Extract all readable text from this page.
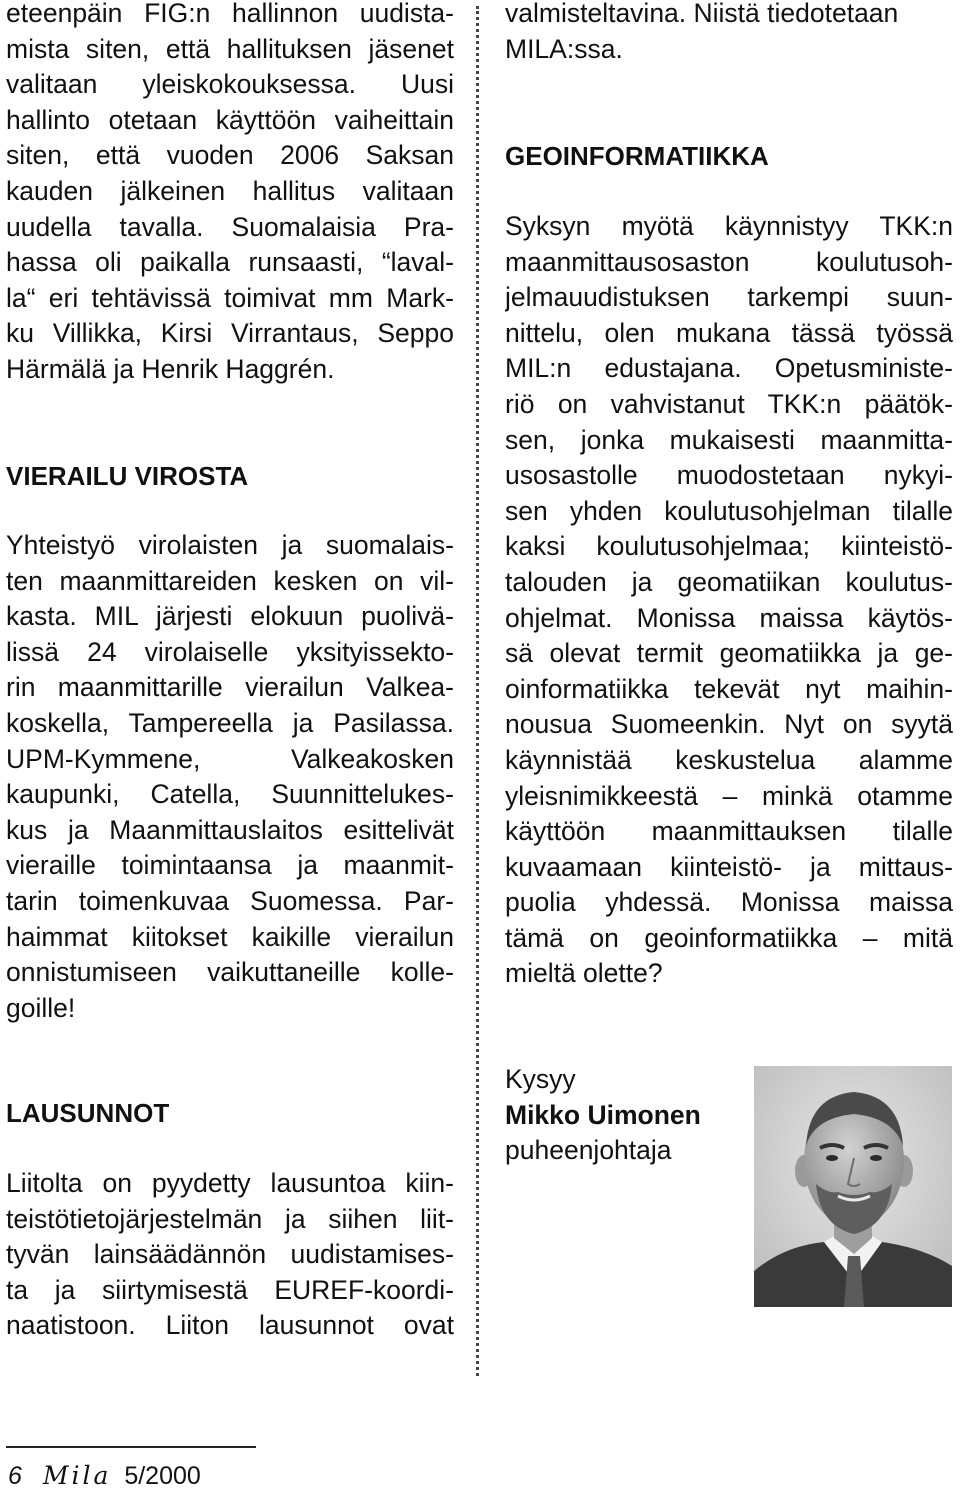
eteenpäin FIG:n hallinnon uudista-
mista siten, että hallituksen jäsenet
valitaan yleiskokouksessa. Uusi
hallinto otetaan käyttöön vaiheittain
siten, että vuoden 2006 Saksan
kauden jälkeinen hallitus valitaan
uudella tavalla. Suomalaisia Pra-
hassa oli paikalla runsaasti, “laval-
la“ eri tehtävissä toimivat mm Mark-
ku Villikka, Kirsi Virrantaus, Seppo
Härmälä ja Henrik Haggrén.
VIERAILU VIROSTA
Yhteistyö virolaisten ja suomalais-
ten maanmittareiden kesken on vil-
kasta. MIL järjesti elokuun puolivä-
lissä 24 virolaiselle yksityissekto-
rin maanmittarille vierailun Valkea-
koskella, Tampereella ja Pasilassa.
UPM-Kymmene, Valkeakosken
kaupunki, Catella, Suunnittelukes-
kus ja Maanmittauslaitos esittelivät
vieraille toimintaansa ja maanmit-
tarin toimenkuvaa Suomessa. Par-
haimmat kiitokset kaikille vierailun
onnistumiseen vaikuttaneille kolle-
goille!
LAUSUNNOT
Liitolta on pyydetty lausuntoa kiin-
teistötietojärjestelmän ja siihen liit-
tyvän lainsäädännön uudistamises-
ta ja siirtymisestä EUREF-koordi-
naatistoon. Liiton lausunnot ovat
valmisteltavina. Niistä tiedotetaan
MILA:ssa.
GEOINFORMATIIKKA
Syksyn myötä käynnistyy TKK:n
maanmittausosaston koulutusoh-
jelmauudistuksen tarkempi suun-
nittelu, olen mukana tässä työssä
MIL:n edustajana. Opetusministe-
riö on vahvistanut TKK:n päätök-
sen, jonka mukaisesti maanmitta-
usosastolle muodostetaan nykyi-
sen yhden koulutusohjelman tilalle
kaksi koulutusohjelmaa; kiinteistö-
talouden ja geomatiikan koulutus-
ohjelmat. Monissa maissa käytös-
sä olevat termit geomatiikka ja ge-
oinformatiikka tekevät nyt maihin-
nousua Suomeenkin. Nyt on syytä
käynnistää keskustelua alamme
yleisnimikkeestä – minkä otamme
käyttöön maanmittauksen tilalle
kuvaamaan kiinteistö- ja mittaus-
puolia yhdessä. Monissa maissa
tämä on geoinformatiikka – mitä
mieltä olette?
Kysyy
Mikko Uimonen
puheenjohtaja
6 Mila 5/2000
